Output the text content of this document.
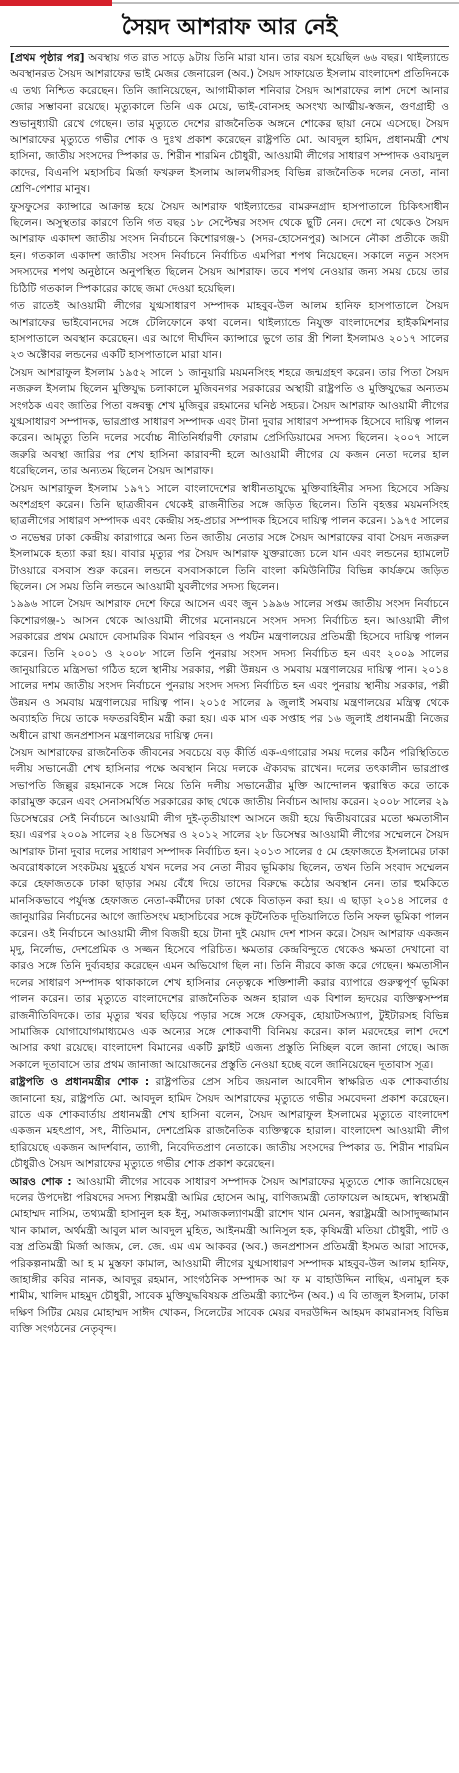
সৈয়দ আশরাফ আর নেই

[প্রথম পৃষ্ঠার পর] অবস্থায় গত রাত সাড়ে ৯টায় তিনি মারা যান। তার বয়স হয়েছিল ৬৬ বছর। থাইল্যান্ডে অবস্থানরত সৈয়দ আশরাফের ভাই মেজর জেনারেল (অব.) সৈয়দ সাফায়েত ইসলাম বাংলাদেশ প্রতিদিনকে এ তথ্য নিশ্চিত করেছেন। তিনি জানিয়েছেন, আগামীকাল শনিবার সৈয়দ আশরাফের লাশ দেশে আনার জোর সম্ভাবনা রয়েছে। মৃত্যুকালে তিনি এক মেয়ে, ভাই-বোনসহ অসংখ্য আত্মীয়-স্বজন, গুণগ্রাহী ও শুভানুধ্যায়ী রেখে গেছেন। তার মৃত্যুতে দেশের রাজনৈতিক অঙ্গনে শোকের ছায়া নেমে এসেছে। সৈয়দ আশরাফের মৃত্যুতে গভীর শোক ও দুঃখ প্রকাশ করেছেন রাষ্ট্রপতি মো. আবদুল হামিদ, প্রধানমন্ত্রী শেখ হাসিনা, জাতীয় সংসদের স্পিকার ড. শিরীন শারমিন চৌধুরী, আওয়ামী লীগের সাধারণ সম্পাদক ওবায়দুল কাদের, বিএনপি মহাসচিব মির্জা ফখরুল ইসলাম আলমগীরসহ বিভিন্ন রাজনৈতিক দলের নেতা, নানা শ্রেণি-পেশার মানুষ।

ফুসফুসের ক্যান্সারে আক্রান্ত হয়ে সৈয়দ আশরাফ থাইল্যান্ডের বামরুনগ্রাদ হাসপাতালে চিকিৎসাধীন ছিলেন। অসুস্থতার কারণে তিনি গত বছর ১৮ সেপ্টেম্বর সংসদ থেকে ছুটি নেন। দেশে না থেকেও সৈয়দ আশরাফ একাদশ জাতীয় সংসদ নির্বাচনে কিশোরগঞ্জ-১ (সদর-হোসেনপুর) আসনে নৌকা প্রতীকে জয়ী হন। গতকাল একাদশ জাতীয় সংসদ নির্বাচনে নির্বাচিত এমপিরা শপথ নিয়েছেন। সকালে নতুন সংসদ সদস্যদের শপথ অনুষ্ঠানে অনুপস্থিত ছিলেন সৈয়দ আশরাফ। তবে শপথ নেওয়ার জন্য সময় চেয়ে তার চিঠিটি গতকাল স্পিকারের কাছে জমা দেওয়া হয়েছিল।

গত রাতেই আওয়ামী লীগের যুগ্মসাধারণ সম্পাদক মাহবুব-উল আলম হানিফ হাসপাতালে সৈয়দ আশরাফের ভাইবোনদের সঙ্গে টেলিফোনে কথা বলেন। থাইল্যান্ডে নিযুক্ত বাংলাদেশের হাইকমিশনার হাসপাতালে অবস্থান করেছেন। এর আগে দীর্ঘদিন ক্যান্সারে ভুগে তার স্ত্রী শিলা ইসলামও ২০১৭ সালের ২৩ অক্টোবর লন্ডনের একটি হাসপাতালে মারা যান।

সৈয়দ আশরাফুল ইসলাম ১৯৫২ সালে ১ জানুয়ারি ময়মনসিংহ শহরে জন্মগ্রহণ করেন। তার পিতা সৈয়দ নজরুল ইসলাম ছিলেন মুক্তিযুদ্ধ চলাকালে মুজিবনগর সরকারের অস্থায়ী রাষ্ট্রপতি ও মুক্তিযুদ্ধের অন্যতম সংগঠক এবং জাতির পিতা বঙ্গবন্ধু শেখ মুজিবুর রহমানের ঘনিষ্ঠ সহচর। সৈয়দ আশরাফ আওয়ামী লীগের যুগ্মসাধারণ সম্পাদক, ভারপ্রাপ্ত সাধারণ সম্পাদক এবং টানা দুবার সাধারণ সম্পাদক হিসেবে দায়িত্ব পালন করেন। আমৃত্যু তিনি দলের সর্বোচ্চ নীতিনির্ধারণী ফোরাম প্রেসিডিয়ামের সদস্য ছিলেন। ২০০৭ সালে জরুরি অবস্থা জারির পর শেখ হাসিনা কারাবন্দী হলে আওয়ামী লীগের যে কজন নেতা দলের হাল ধরেছিলেন, তার অন্যতম ছিলেন সৈয়দ আশরাফ।

সৈয়দ আশরাফুল ইসলাম ১৯৭১ সালে বাংলাদেশের স্বাধীনতাযুদ্ধে মুক্তিবাহিনীর সদস্য হিসেবে সক্রিয় অংশগ্রহণ করেন। তিনি ছাত্রজীবন থেকেই রাজনীতির সঙ্গে জড়িত ছিলেন। তিনি বৃহত্তর ময়মনসিংহ ছাত্রলীগের সাধারণ সম্পাদক এবং কেন্দ্রীয় সহ-প্রচার সম্পাদক হিসেবে দায়িত্ব পালন করেন। ১৯৭৫ সালের ৩ নভেম্বর ঢাকা কেন্দ্রীয় কারাগারে অন্য তিন জাতীয় নেতার সঙ্গে সৈয়দ আশরাফের বাবা সৈয়দ নজরুল ইসলামকে হত্যা করা হয়। বাবার মৃত্যুর পর সৈয়দ আশরাফ যুক্তরাজ্যে চলে যান এবং লন্ডনের হ্যামলেট টাওয়ারে বসবাস শুরু করেন। লন্ডনে বসবাসকালে তিনি বাংলা কমিউনিটির বিভিন্ন কার্যক্রমে জড়িত ছিলেন। সে সময় তিনি লন্ডনে আওয়ামী যুবলীগের সদস্য ছিলেন।

১৯৯৬ সালে সৈয়দ আশরাফ দেশে ফিরে আসেন এবং জুন ১৯৯৬ সালের সপ্তম জাতীয় সংসদ নির্বাচনে কিশোরগঞ্জ-১ আসন থেকে আওয়ামী লীগের মনোনয়নে সংসদ সদস্য নির্বাচিত হন। আওয়ামী লীগ সরকারের প্রথম মেয়াদে বেসামরিক বিমান পরিবহন ও পর্যটন মন্ত্রণালয়ের প্রতিমন্ত্রী হিসেবে দায়িত্ব পালন করেন। তিনি ২০০১ ও ২০০৮ সালে তিনি পুনরায় সংসদ সদস্য নির্বাচিত হন এবং ২০০৯ সালের জানুয়ারিতে মন্ত্রিসভা গঠিত হলে স্থানীয় সরকার, পল্লী উন্নয়ন ও সমবায় মন্ত্রণালয়ের দায়িত্ব পান। ২০১৪ সালের দশম জাতীয় সংসদ নির্বাচনে পুনরায় সংসদ সদস্য নির্বাচিত হন এবং পুনরায় স্থানীয় সরকার, পল্লী উন্নয়ন ও সমবায় মন্ত্রণালয়ের দায়িত্ব পান। ২০১৫ সালের ৯ জুলাই সমবায় মন্ত্রণালয়ের মন্ত্রিত্ব থেকে অব্যাহতি দিয়ে তাকে দফতরবিহীন মন্ত্রী করা হয়। এক মাস এক সপ্তাহ পর ১৬ জুলাই প্রধানমন্ত্রী নিজের অধীনে রাখা জনপ্রশাসন মন্ত্রণালয়ের দায়িত্ব দেন।

সৈয়দ আশরাফের রাজনৈতিক জীবনের সবচেয়ে বড় কীর্তি এক-এগারোর সময় দলের কঠিন পরিস্থিতিতে দলীয় সভানেত্রী শেখ হাসিনার পক্ষে অবস্থান নিয়ে দলকে ঐক্যবদ্ধ রাখেন। দলের তৎকালীন ভারপ্রাপ্ত সভাপতি জিল্লুর রহমানকে সঙ্গে নিয়ে তিনি দলীয় সভানেত্রীর মুক্তি আন্দোলন ত্বরান্বিত করে তাকে কারামুক্ত করেন এবং সেনাসমর্থিত সরকারের কাছ থেকে জাতীয় নির্বাচন আদায় করেন। ২০০৮ সালের ২৯ ডিসেম্বরের সেই নির্বাচনে আওয়ামী লীগ দুই-তৃতীয়াংশ আসনে জয়ী হয়ে দ্বিতীয়বারের মতো ক্ষমতাসীন হয়। এরপর ২০০৯ সালের ২৪ ডিসেম্বর ও ২০১২ সালের ২৮ ডিসেম্বর আওয়ামী লীগের সম্মেলনে সৈয়দ আশরাফ টানা দুবার দলের সাধারণ সম্পাদক নির্বাচিত হন। ২০১৩ সালের ৫ মে হেফাজতে ইসলামের ঢাকা অবরোধকালে সংকটময় মুহূর্তে যখন দলের সব নেতা নীরব ভূমিকায় ছিলেন, তখন তিনি সংবাদ সম্মেলন করে হেফাজতকে ঢাকা ছাড়ার সময় বেঁধে দিয়ে তাদের বিরুদ্ধে কঠোর অবস্থান নেন। তার হুমকিতে মানসিকভাবে পর্যুদস্ত হেফাজত নেতা-কর্মীদের ঢাকা থেকে বিতাড়ন করা হয়। এ ছাড়া ২০১৪ সালের ৫ জানুয়ারির নির্বাচনের আগে জাতিসংঘ মহাসচিবের সঙ্গে কূটনৈতিক দূতিয়ালিতে তিনি সফল ভূমিকা পালন করেন। ওই নির্বাচনে আওয়ামী লীগ বিজয়ী হয়ে টানা দুই মেয়াদ দেশ শাসন করে। সৈয়দ আশরাফ একজন মৃদু, নির্লোভ, দেশপ্রেমিক ও সজ্জন হিসেবে পরিচিত। ক্ষমতার কেন্দ্রবিন্দুতে থেকেও ক্ষমতা দেখানো বা কারও সঙ্গে তিনি দুর্ব্যবহার করেছেন এমন অভিযোগ ছিল না। তিনি নীরবে কাজ করে গেছেন। ক্ষমতাসীন দলের সাধারণ সম্পাদক থাকাকালে শেখ হাসিনার নেতৃত্বকে শক্তিশালী করার ব্যাপারে গুরুত্বপূর্ণ ভূমিকা পালন করেন। তার মৃত্যুতে বাংলাদেশের রাজনৈতিক অঙ্গন হারাল এক বিশাল হৃদয়ের ব্যক্তিত্বসম্পন্ন রাজনীতিবিদকে। তার মৃত্যুর খবর ছড়িয়ে পড়ার সঙ্গে সঙ্গে ফেসবুক, হোয়াটসঅ্যাপ, টুইটারসহ বিভিন্ন সামাজিক যোগাযোগমাধ্যমেও এক অন্যের সঙ্গে শোকবাণী বিনিময় করেন। কাল মরদেহের লাশ দেশে আসার কথা রয়েছে। বাংলাদেশ বিমানের একটি ফ্লাইট এজন্য প্রস্তুতি নিচ্ছিল বলে জানা গেছে। আজ সকালে দূতাবাসে তার প্রথম জানাজা আয়োজনের প্রস্তুতি নেওয়া হচ্ছে বলে জানিয়েছেন দূতাবাস সূত্র।

রাষ্ট্রপতি ও প্রধানমন্ত্রীর শোক : রাষ্ট্রপতির প্রেস সচিব জয়নাল আবেদীন স্বাক্ষরিত এক শোকবার্তায় জানানো হয়, রাষ্ট্রপতি মো. আবদুল হামিদ সৈয়দ আশরাফের মৃত্যুতে গভীর সমবেদনা প্রকাশ করেছেন। রাতে এক শোকবার্তায় প্রধানমন্ত্রী শেখ হাসিনা বলেন, সৈয়দ আশরাফুল ইসলামের মৃত্যুতে বাংলাদেশ একজন মহৎপ্রাণ, সৎ, নীতিমান, দেশপ্রেমিক রাজনৈতিক ব্যক্তিত্বকে হারাল। বাংলাদেশ আওয়ামী লীগ হারিয়েছে একজন আদর্শবান, ত্যাগী, নিবেদিতপ্রাণ নেতাকে। জাতীয় সংসদের স্পিকার ড. শিরীন শারমিন চৌধুরীও সৈয়দ আশরাফের মৃত্যুতে গভীর শোক প্রকাশ করেছেন।

আরও শোক : আওয়ামী লীগের সাবেক সাধারণ সম্পাদক সৈয়দ আশরাফের মৃত্যুতে শোক জানিয়েছেন দলের উপদেষ্টা পরিষদের সদস্য শিল্পমন্ত্রী আমির হোসেন আমু, বাণিজ্যমন্ত্রী তোফায়েল আহমেদ, স্বাস্থ্যমন্ত্রী মোহাম্মদ নাসিম, তথ্যমন্ত্রী হাসানুল হক ইনু, সমাজকল্যাণমন্ত্রী রাশেদ খান মেনন, স্বরাষ্ট্রমন্ত্রী আসাদুজ্জামান খান কামাল, অর্থমন্ত্রী আবুল মাল আবদুল মুহিত, আইনমন্ত্রী আনিসুল হক, কৃষিমন্ত্রী মতিয়া চৌধুরী, পাট ও বস্ত্র প্রতিমন্ত্রী মির্জা আজম, লে. জে. এম এম আকবর (অব.) জনপ্রশাসন প্রতিমন্ত্রী ইসমত আরা সাদেক, পরিকল্পনামন্ত্রী আ হ ম মুস্তফা কামাল, আওয়ামী লীগের যুগ্মসাধারণ সম্পাদক মাহবুব-উল আলম হানিফ, জাহাঙ্গীর কবির নানক, আবদুর রহমান, সাংগঠনিক সম্পাদক আ ফ ম বাহাউদ্দিন নাছিম, এনামুল হক শামীম, খালিদ মাহমুদ চৌধুরী, সাবেক মুক্তিযুদ্ধবিষয়ক প্রতিমন্ত্রী ক্যাপ্টেন (অব.) এ বি তাজুল ইসলাম, ঢাকা দক্ষিণ সিটির মেয়র মোহাম্মদ সাঈদ খোকন, সিলেটের সাবেক মেয়র বদরউদ্দিন আহমদ কামরানসহ বিভিন্ন ব্যক্তি সংগঠনের নেতৃবৃন্দ।
